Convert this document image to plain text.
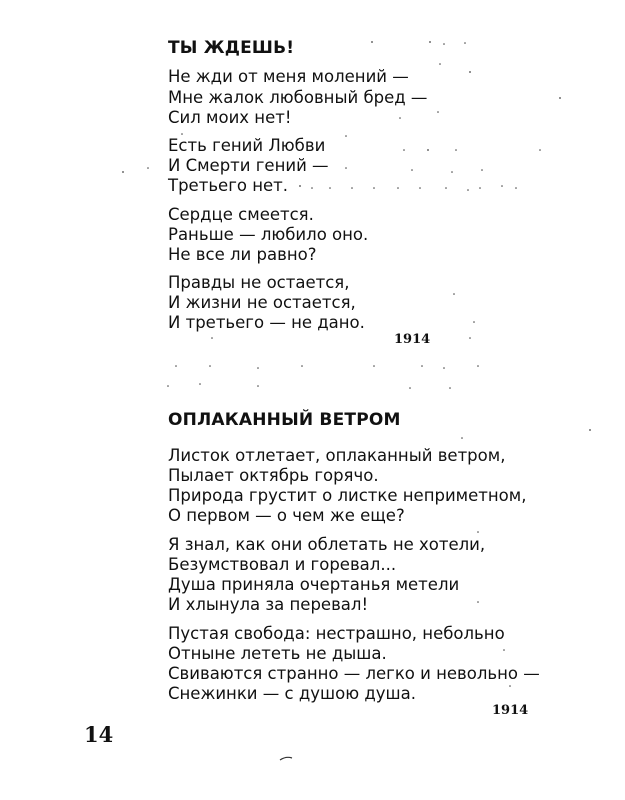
ТЫ ЖДЕШЬ!
Не жди от меня молений —
Мне жалок любовный бред —
Сил моих нет!
Есть гений Любви
И Смерти гений —
Третьего нет.
Сердце смеется.
Раньше — любило оно.
Не все ли равно?
Правды не остается,
И жизни не остается,
И третьего — не дано.
1914
ОПЛАКАННЫЙ ВЕТРОМ
Листок отлетает, оплаканный ветром,
Пылает октябрь горячо.
Природа грустит о листке неприметном,
О первом — о чем же еще?
Я знал, как они облетать не хотели,
Безумствовал и горевал...
Душа приняла очертанья метели
И хлынула за перевал!
Пустая свобода: нестрашно, небольно
Отныне лететь не дыша.
Свиваются странно — легко и невольно —
Снежинки — с душою душа.
1914
14
